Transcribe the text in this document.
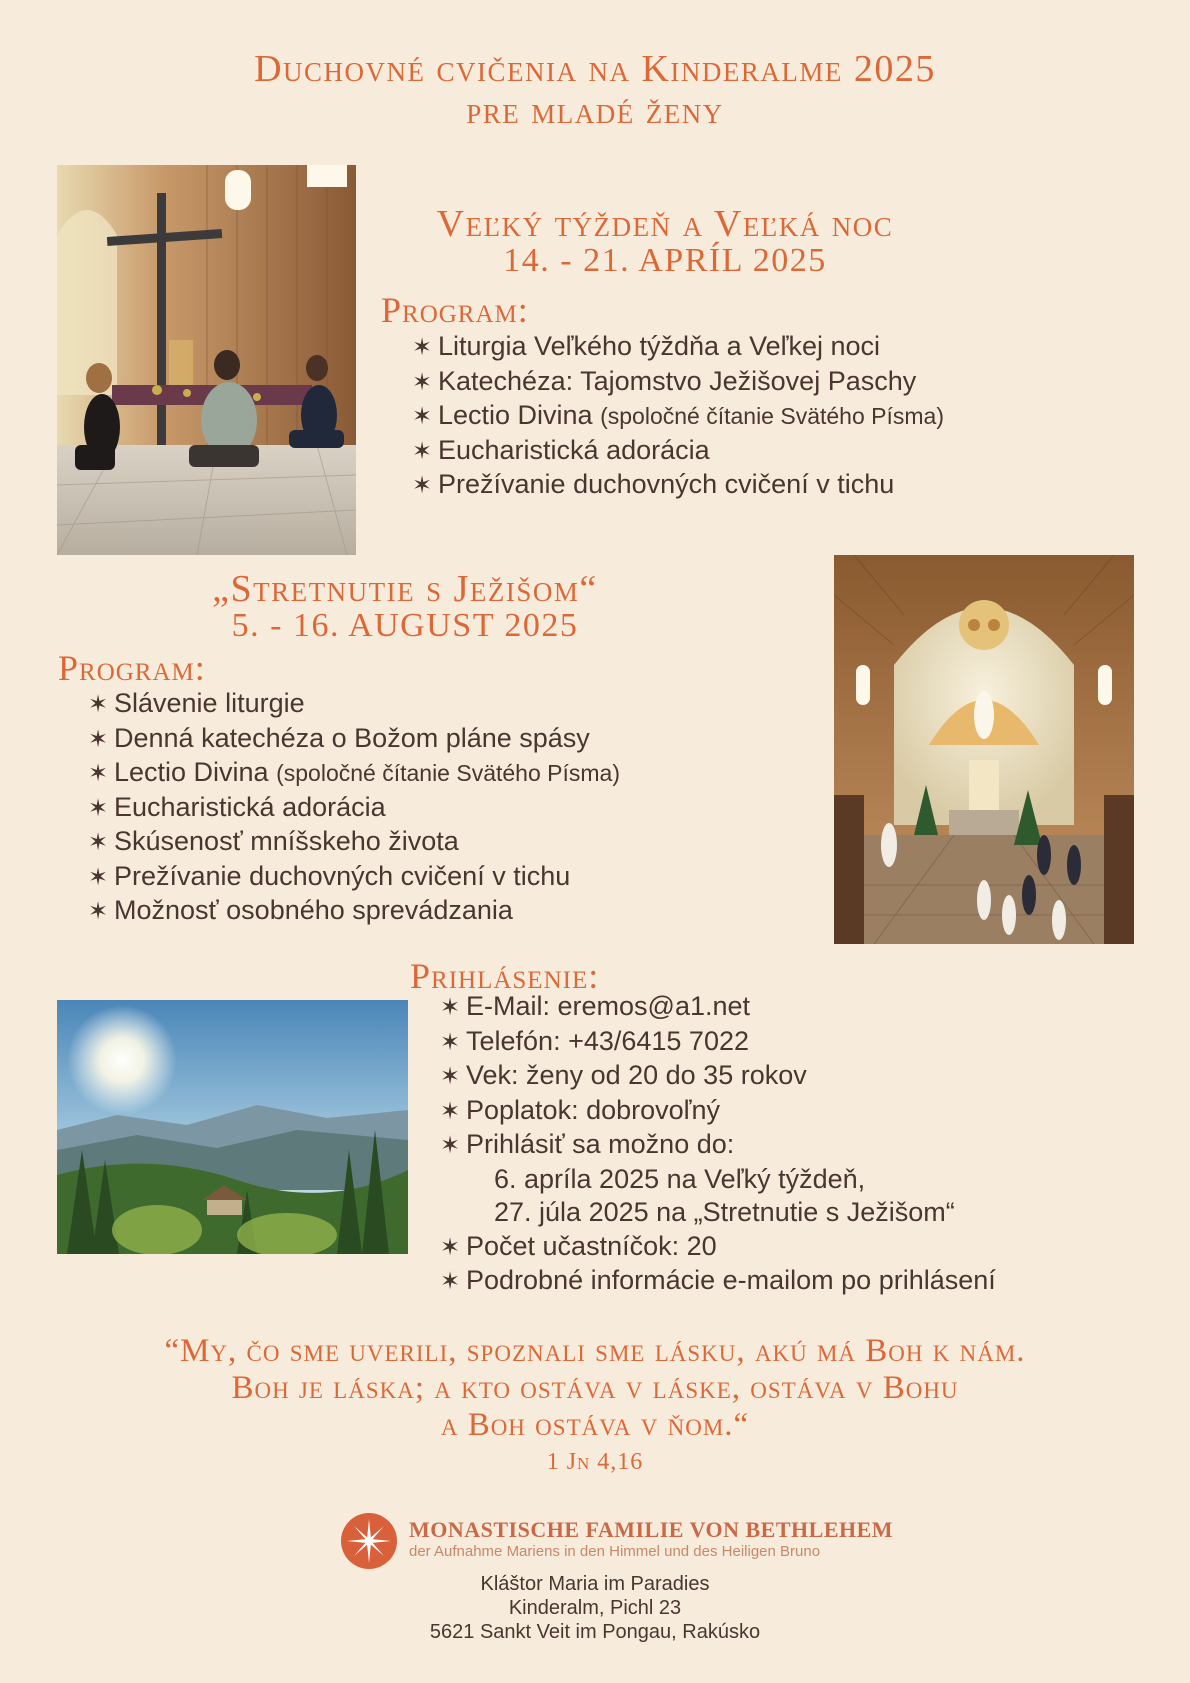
Duchovné cvičenia na Kinderalme 2025
pre mladé ženy
Veľký týždeň a Veľká noc
14. - 21. APRÍL 2025
Program:
✶ Liturgia Veľkého týždňa a Veľkej noci
✶ Katechéza: Tajomstvo Ježišovej Paschy
✶ Lectio Divina (spoločné čítanie Svätého Písma)
✶ Eucharistická adorácia
✶ Prežívanie duchovných cvičení v tichu
„Stretnutie s Ježišom“
5. - 16. AUGUST 2025
Program:
✶ Slávenie liturgie
✶ Denná katechéza o Božom pláne spásy
✶ Lectio Divina (spoločné čítanie Svätého Písma)
✶ Eucharistická adorácia
✶ Skúsenosť mníšskeho života
✶ Prežívanie duchovných cvičení v tichu
✶ Možnosť osobného sprevádzania
Prihlásenie:
✶ E-Mail: eremos@a1.net
✶ Telefón: +43/6415 7022
✶ Vek: ženy od 20 do 35 rokov
✶ Poplatok: dobrovoľný
✶ Prihlásiť sa možno do:
6. apríla 2025 na Veľký týždeň,
27. júla 2025 na „Stretnutie s Ježišom“
✶ Počet učastníčok: 20
✶ Podrobné informácie e-mailom po prihlásení
“My, čo sme uverili, spoznali sme lásku, akú má Boh k nám.
Boh je láska; a kto ostáva v láske, ostáva v Bohu
a Boh ostáva v ňom.“
1 Jn 4,16
MONASTISCHE FAMILIE VON BETHLEHEM
der Aufnahme Mariens in den Himmel und des Heiligen Bruno
Kláštor Maria im Paradies
Kinderalm, Pichl 23
5621 Sankt Veit im Pongau, Rakúsko
